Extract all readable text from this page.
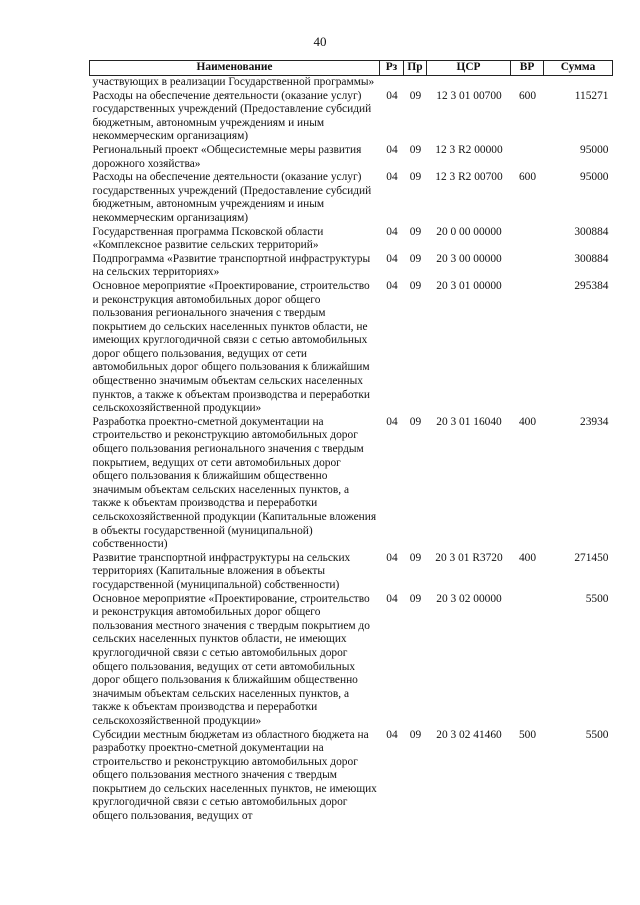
40
Наименование	Рз	Пр	ЦСР	ВР	Сумма
участвующих в реализации Государственной программы»					
Расходы на обеспечение деятельности (оказание услуг) государственных учреждений (Предоставление субсидий бюджетным, автономным учреждениям и иным некоммерческим организациям)	04	09	12 3 01 00700	600	115271
Региональный проект «Общесистемные меры развития дорожного хозяйства»	04	09	12 3 R2 00000		95000
Расходы на обеспечение деятельности (оказание услуг) государственных учреждений (Предоставление субсидий бюджетным, автономным учреждениям и иным некоммерческим организациям)	04	09	12 3 R2 00700	600	95000
Государственная программа Псковской области «Комплексное развитие сельских территорий»	04	09	20 0 00 00000		300884
Подпрограмма «Развитие транспортной инфраструктуры на сельских территориях»	04	09	20 3 00 00000		300884
Основное мероприятие «Проектирование, строительство и реконструкция автомобильных дорог общего пользования регионального значения с твердым покрытием до сельских населенных пунктов области, не имеющих круглогодичной связи с сетью автомобильных дорог общего пользования, ведущих от сети автомобильных дорог общего пользования к ближайшим общественно значимым объектам сельских населенных пунктов, а также к объектам производства и переработки сельскохозяйственной продукции»	04	09	20 3 01 00000		295384
Разработка проектно-сметной документации на строительство и реконструкцию автомобильных дорог общего пользования регионального значения с твердым покрытием, ведущих от сети автомобильных дорог общего пользования к ближайшим общественно значимым объектам сельских населенных пунктов, а также к объектам производства и переработки сельскохозяйственной продукции (Капитальные вложения в объекты государственной (муниципальной) собственности)	04	09	20 3 01 16040	400	23934
Развитие транспортной инфраструктуры на сельских территориях (Капитальные вложения в объекты государственной (муниципальной) собственности)	04	09	20 3 01 R3720	400	271450
Основное мероприятие «Проектирование, строительство и реконструкция автомобильных дорог общего пользования местного значения с твердым покрытием до сельских населенных пунктов области, не имеющих круглогодичной связи с сетью автомобильных дорог общего пользования, ведущих от сети автомобильных дорог общего пользования к ближайшим общественно значимым объектам сельских населенных пунктов, а также к объектам производства и переработки сельскохозяйственной продукции»	04	09	20 3 02 00000		5500
Субсидии местным бюджетам из областного бюджета на разработку проектно-сметной документации на строительство и реконструкцию автомобильных дорог общего пользования местного значения с твердым покрытием до сельских населенных пунктов, не имеющих круглогодичной связи с сетью автомобильных дорог общего пользования, ведущих от	04	09	20 3 02 41460	500	5500
